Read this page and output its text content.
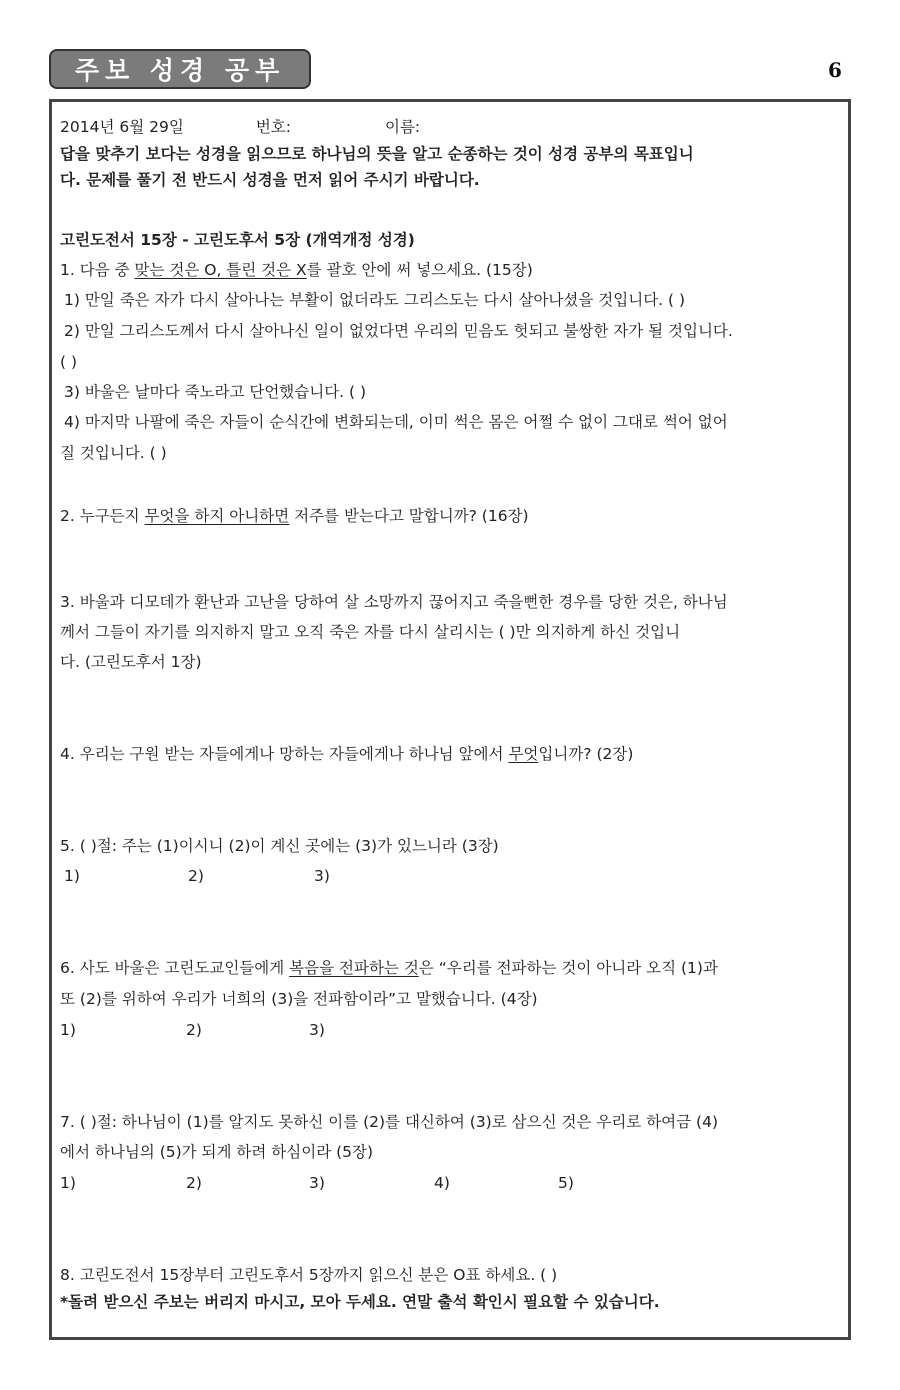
주보 성경 공부	6
2014년 6월 29일	번호:	이름:
답을 맞추기 보다는 성경을 읽으므로 하나님의 뜻을 알고 순종하는 것이 성경 공부의 목표입니
다. 문제를 풀기 전 반드시 성경을 먼저 읽어 주시기 바랍니다.
고린도전서 15장 - 고린도후서 5장 (개역개정 성경)
1. 다음 중 맞는 것은 O, 틀린 것은 X를 괄호 안에 써 넣으세요. (15장)
1) 만일 죽은 자가 다시 살아나는 부활이 없더라도 그리스도는 다시 살아나셨을 것입니다. ( )
2) 만일 그리스도께서 다시 살아나신 일이 없었다면 우리의 믿음도 헛되고 불쌍한 자가 될 것입니다.
( )
3) 바울은 날마다 죽노라고 단언했습니다. ( )
4) 마지막 나팔에 죽은 자들이 순식간에 변화되는데, 이미 썩은 몸은 어쩔 수 없이 그대로 썩어 없어
질 것입니다. ( )
2. 누구든지 무엇을 하지 아니하면 저주를 받는다고 말합니까? (16장)
3. 바울과 디모데가 환난과 고난을 당하여 살 소망까지 끊어지고 죽을뻔한 경우를 당한 것은, 하나님
께서 그들이 자기를 의지하지 말고 오직 죽은 자를 다시 살리시는 ( )만 의지하게 하신 것입니
다. (고린도후서 1장)
4. 우리는 구원 받는 자들에게나 망하는 자들에게나 하나님 앞에서 무엇입니까? (2장)
5. ( )절: 주는 (1)이시니 (2)이 계신 곳에는 (3)가 있느니라 (3장)
1)	2)	3)
6. 사도 바울은 고린도교인들에게 복음을 전파하는 것은 “우리를 전파하는 것이 아니라 오직 (1)과
또 (2)를 위하여 우리가 너희의 (3)을 전파함이라”고 말했습니다. (4장)
1)	2)	3)
7. ( )절: 하나님이 (1)를 알지도 못하신 이를 (2)를 대신하여 (3)로 삼으신 것은 우리로 하여금 (4)
에서 하나님의 (5)가 되게 하려 하심이라 (5장)
1)	2)	3)	4)	5)
8. 고린도전서 15장부터 고린도후서 5장까지 읽으신 분은 O표 하세요. ( )
*돌려 받으신 주보는 버리지 마시고, 모아 두세요. 연말 출석 확인시 필요할 수 있습니다.
